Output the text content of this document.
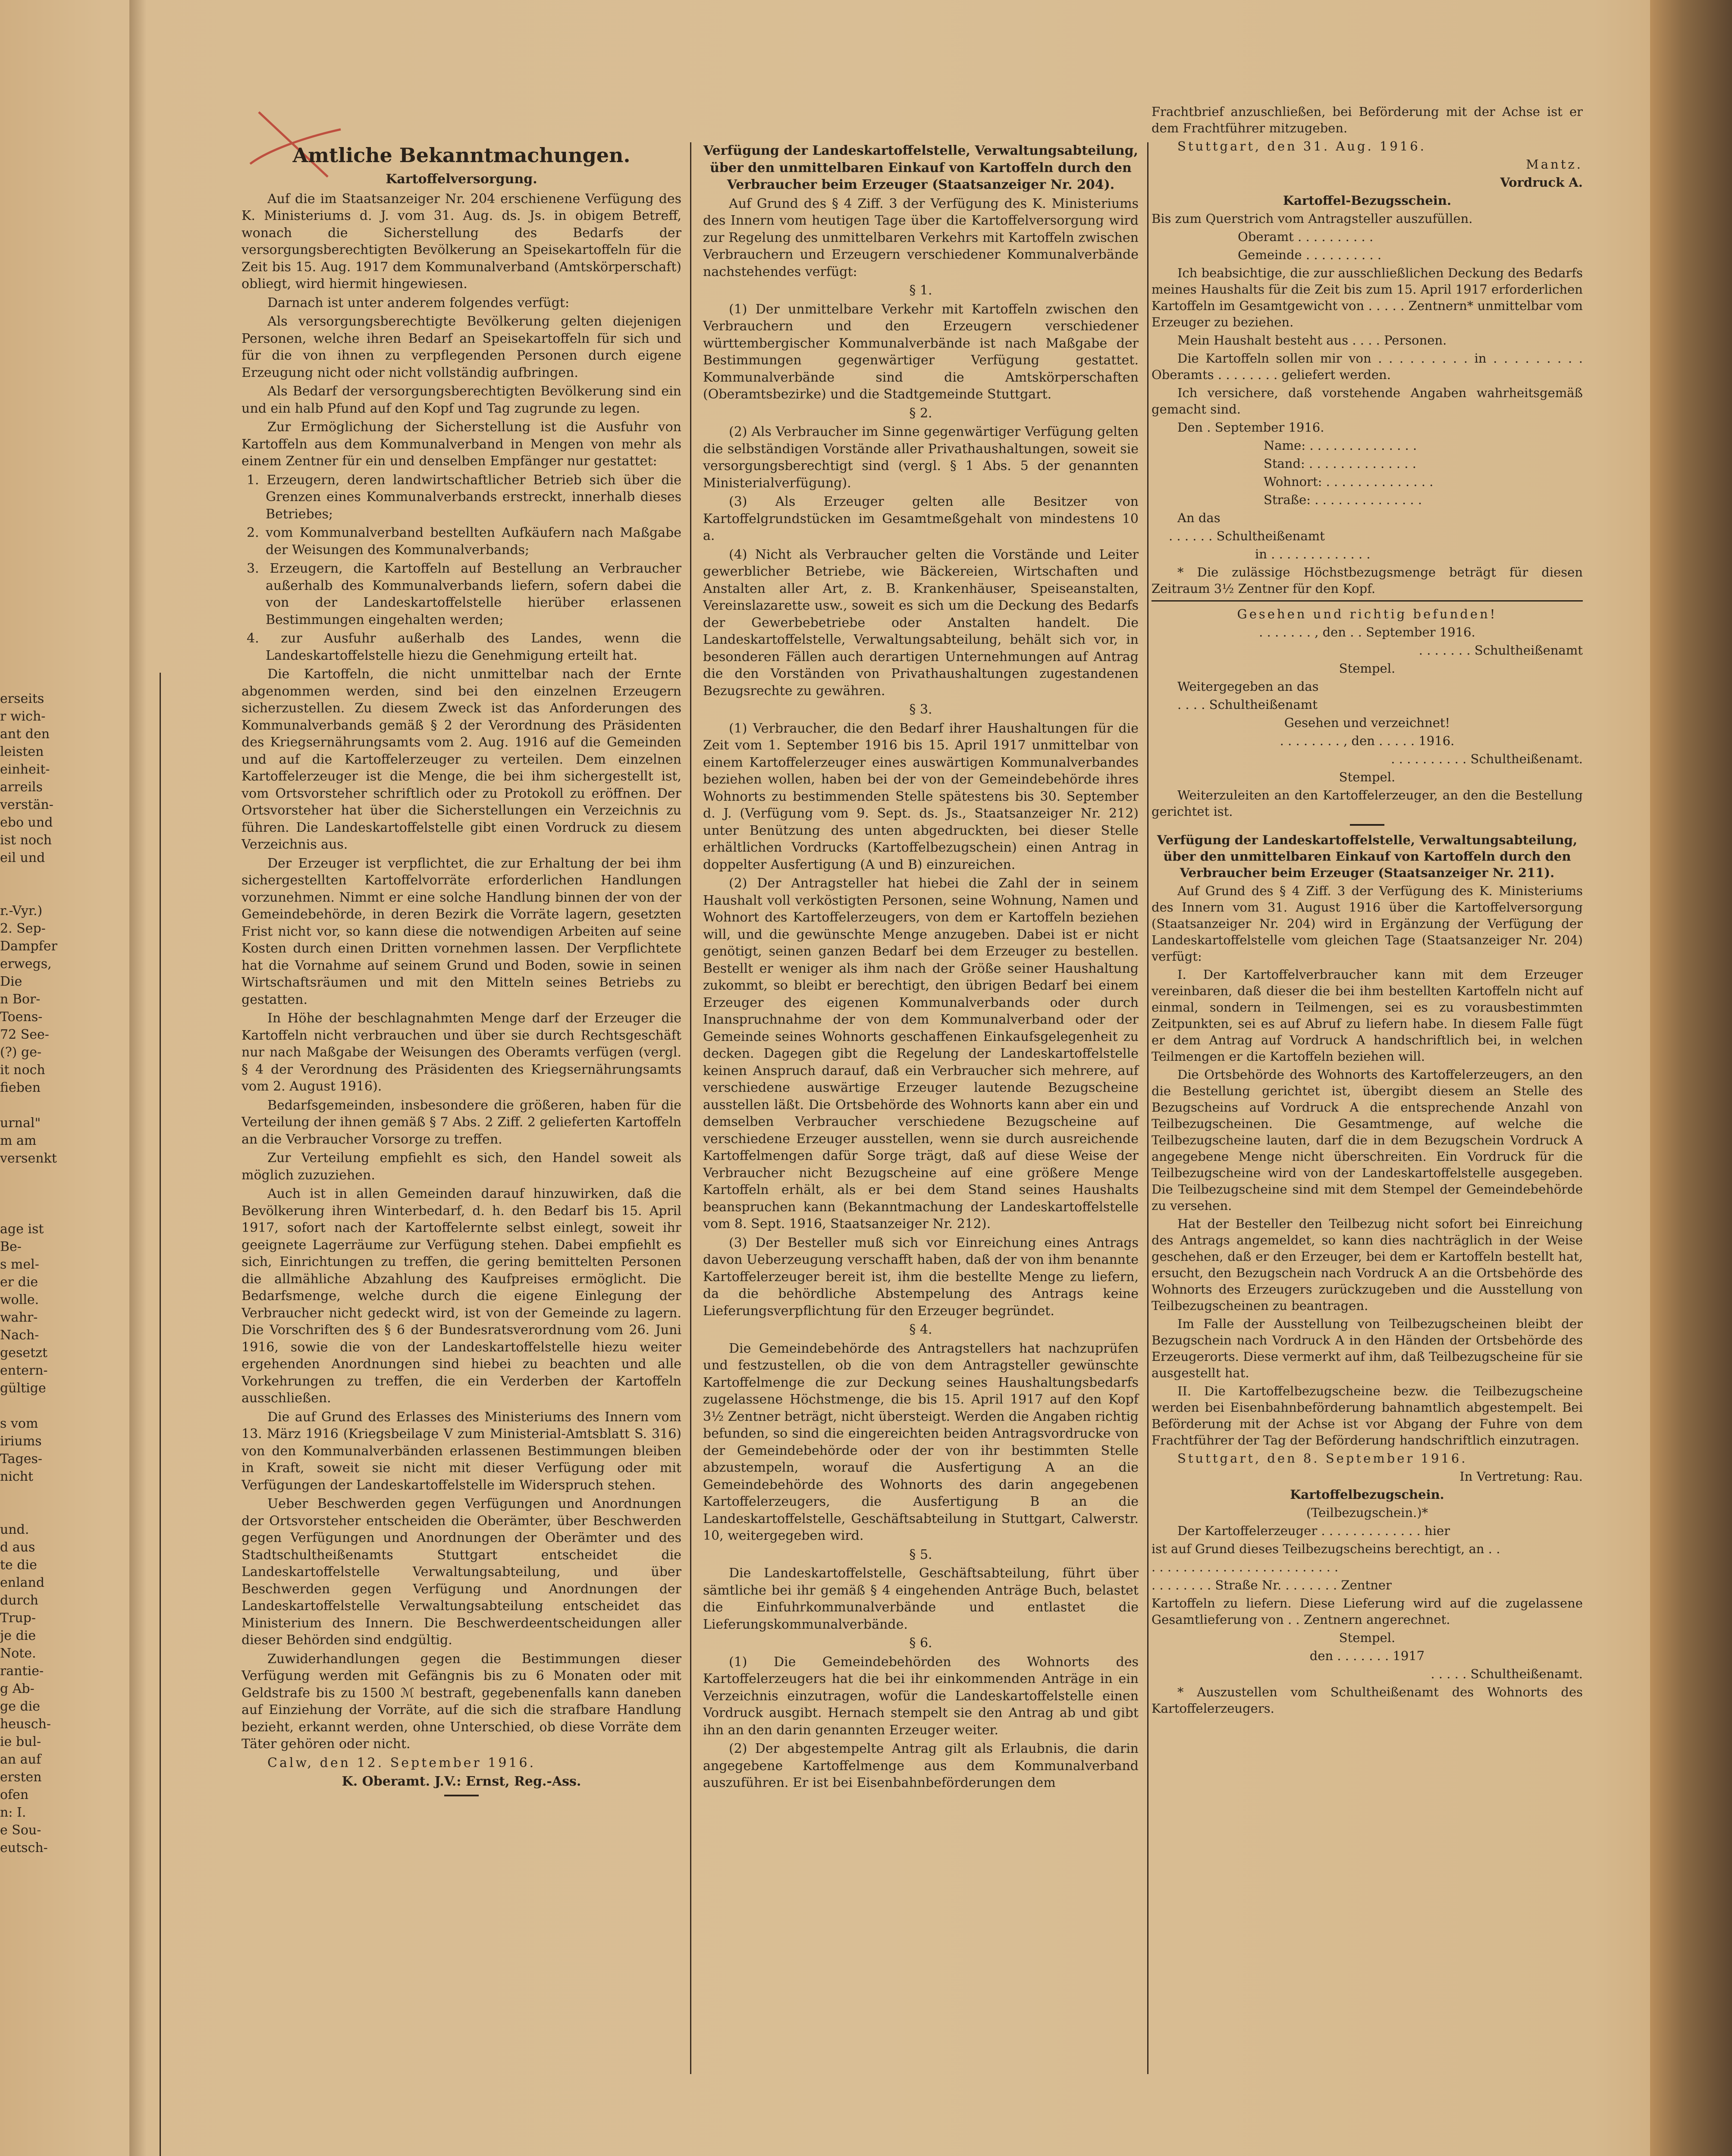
erseits
r wich-
ant den
leisten
einheit-
arreils
verstän-
ebo und
ist noch
eil und

r.-Vyr.)
2. Sep-
Dampfer
erwegs,
Die
n Bor-
Toens-
72 See-
(?) ge-
it noch
fieben

urnal"
m am
versenkt

age ist
Be-
s mel-
er die
wolle.
wahr-
Nach-
gesetzt
entern-
gültige

s vom
iriums
Tages-
nicht

und.
d aus
te die
enland
durch
Trup-
je die
Note.
rantie-
g Ab-
ge die
heusch-
ie bul-
an auf
ersten
ofen
n: I.
e Sou-
eutsch-
Amtliche Bekanntmachungen.
Kartoffelversorgung.

Auf die im Staatsanzeiger Nr. 204 erschienene Verfügung des K. Ministeriums d. J. vom 31. Aug. ds. Js. in obigem Betreff, wonach die Sicherstellung des Bedarfs der versorgungsberechtigten Bevölkerung an Speisekartoffeln für die Zeit bis 15. Aug. 1917 dem Kommunalverband (Amtskörperschaft) obliegt, wird hiermit hingewiesen.

Darnach ist unter anderem folgendes verfügt:

Als versorgungsberechtigte Bevölkerung gelten diejenigen Personen, welche ihren Bedarf an Speisekartoffeln für sich und für die von ihnen zu verpflegenden Personen durch eigene Erzeugung nicht oder nicht vollständig aufbringen.

Als Bedarf der versorgungsberechtigten Bevölkerung sind ein und ein halb Pfund auf den Kopf und Tag zugrunde zu legen.

Zur Ermöglichung der Sicherstellung ist die Ausfuhr von Kartoffeln aus dem Kommunalverband in Mengen von mehr als einem Zentner für ein und denselben Empfänger nur gestattet:

1. Erzeugern, deren landwirtschaftlicher Betrieb sich über die Grenzen eines Kommunalverbands erstreckt, innerhalb dieses Betriebes;

2. vom Kommunalverband bestellten Aufkäufern nach Maßgabe der Weisungen des Kommunalverbands;

3. Erzeugern, die Kartoffeln auf Bestellung an Verbraucher außerhalb des Kommunalverbands liefern, sofern dabei die von der Landeskartoffelstelle hierüber erlassenen Bestimmungen eingehalten werden;

4. zur Ausfuhr außerhalb des Landes, wenn die Landeskartoffelstelle hiezu die Genehmigung erteilt hat.

Die Kartoffeln, die nicht unmittelbar nach der Ernte abgenommen werden, sind bei den einzelnen Erzeugern sicherzustellen. Zu diesem Zweck ist das Anforderungen des Kommunalverbands gemäß § 2 der Verordnung des Präsidenten des Kriegsernährungsamts vom 2. Aug. 1916 auf die Gemeinden und auf die Kartoffelerzeuger zu verteilen. Dem einzelnen Kartoffelerzeuger ist die Menge, die bei ihm sichergestellt ist, vom Ortsvorsteher schriftlich oder zu Protokoll zu eröffnen. Der Ortsvorsteher hat über die Sicherstellungen ein Verzeichnis zu führen. Die Landeskartoffelstelle gibt einen Vordruck zu diesem Verzeichnis aus.

Der Erzeuger ist verpflichtet, die zur Erhaltung der bei ihm sichergestellten Kartoffelvorräte erforderlichen Handlungen vorzunehmen. Nimmt er eine solche Handlung binnen der von der Gemeindebehörde, in deren Bezirk die Vorräte lagern, gesetzten Frist nicht vor, so kann diese die notwendigen Arbeiten auf seine Kosten durch einen Dritten vornehmen lassen. Der Verpflichtete hat die Vornahme auf seinem Grund und Boden, sowie in seinen Wirtschaftsräumen und mit den Mitteln seines Betriebs zu gestatten.

In Höhe der beschlagnahmten Menge darf der Erzeuger die Kartoffeln nicht verbrauchen und über sie durch Rechtsgeschäft nur nach Maßgabe der Weisungen des Oberamts verfügen (vergl. § 4 der Verordnung des Präsidenten des Kriegsernährungsamts vom 2. August 1916).

Bedarfsgemeinden, insbesondere die größeren, haben für die Verteilung der ihnen gemäß § 7 Abs. 2 Ziff. 2 gelieferten Kartoffeln an die Verbraucher Vorsorge zu treffen.

Zur Verteilung empfiehlt es sich, den Handel soweit als möglich zuzuziehen.

Auch ist in allen Gemeinden darauf hinzuwirken, daß die Bevölkerung ihren Winterbedarf, d. h. den Bedarf bis 15. April 1917, sofort nach der Kartoffelernte selbst einlegt, soweit ihr geeignete Lagerräume zur Verfügung stehen. Dabei empfiehlt es sich, Einrichtungen zu treffen, die gering bemittelten Personen die allmähliche Abzahlung des Kaufpreises ermöglicht. Die Bedarfsmenge, welche durch die eigene Einlegung der Verbraucher nicht gedeckt wird, ist von der Gemeinde zu lagern. Die Vorschriften des § 6 der Bundesratsverordnung vom 26. Juni 1916, sowie die von der Landeskartoffelstelle hiezu weiter ergehenden Anordnungen sind hiebei zu beachten und alle Vorkehrungen zu treffen, die ein Verderben der Kartoffeln ausschließen.

Die auf Grund des Erlasses des Ministeriums des Innern vom 13. März 1916 (Kriegsbeilage V zum Ministerial-Amtsblatt S. 316) von den Kommunalverbänden erlassenen Bestimmungen bleiben in Kraft, soweit sie nicht mit dieser Verfügung oder mit Verfügungen der Landeskartoffelstelle im Widerspruch stehen.

Ueber Beschwerden gegen Verfügungen und Anordnungen der Ortsvorsteher entscheiden die Oberämter, über Beschwerden gegen Verfügungen und Anordnungen der Oberämter und des Stadtschultheißenamts Stuttgart entscheidet die Landeskartoffelstelle Verwaltungsabteilung, und über Beschwerden gegen Verfügung und Anordnungen der Landeskartoffelstelle Verwaltungsabteilung entscheidet das Ministerium des Innern. Die Beschwerdeentscheidungen aller dieser Behörden sind endgültig.

Zuwiderhandlungen gegen die Bestimmungen dieser Verfügung werden mit Gefängnis bis zu 6 Monaten oder mit Geldstrafe bis zu 1500 ℳ bestraft, gegebenenfalls kann daneben auf Einziehung der Vorräte, auf die sich die strafbare Handlung bezieht, erkannt werden, ohne Unterschied, ob diese Vorräte dem Täter gehören oder nicht.

Calw, den 12. September 1916.

K. Oberamt. J.V.: Ernst, Reg.-Ass.

Verfügung der Landeskartoffelstelle, Verwaltungsabteilung, über den unmittelbaren Einkauf von Kartoffeln durch den Verbraucher beim Erzeuger (Staatsanzeiger Nr. 204).

Auf Grund des § 4 Ziff. 3 der Verfügung des K. Ministeriums des Innern vom heutigen Tage über die Kartoffelversorgung wird zur Regelung des unmittelbaren Verkehrs mit Kartoffeln zwischen Verbrauchern und Erzeugern verschiedener Kommunalverbände nachstehendes verfügt:

§ 1.

(1) Der unmittelbare Verkehr mit Kartoffeln zwischen den Verbrauchern und den Erzeugern verschiedener württembergischer Kommunalverbände ist nach Maßgabe der Bestimmungen gegenwärtiger Verfügung gestattet. Kommunalverbände sind die Amtskörperschaften (Oberamtsbezirke) und die Stadtgemeinde Stuttgart.

§ 2.

(2) Als Verbraucher im Sinne gegenwärtiger Verfügung gelten die selbständigen Vorstände aller Privathaushaltungen, soweit sie versorgungsberechtigt sind (vergl. § 1 Abs. 5 der genannten Ministerialverfügung).

(3) Als Erzeuger gelten alle Besitzer von Kartoffelgrundstücken im Gesamtmeßgehalt von mindestens 10 a.

(4) Nicht als Verbraucher gelten die Vorstände und Leiter gewerblicher Betriebe, wie Bäckereien, Wirtschaften und Anstalten aller Art, z. B. Krankenhäuser, Speiseanstalten, Vereinslazarette usw., soweit es sich um die Deckung des Bedarfs der Gewerbebetriebe oder Anstalten handelt. Die Landeskartoffelstelle, Verwaltungsabteilung, behält sich vor, in besonderen Fällen auch derartigen Unternehmungen auf Antrag die den Vorständen von Privathaushaltungen zugestandenen Bezugsrechte zu gewähren.

§ 3.

(1) Verbraucher, die den Bedarf ihrer Haushaltungen für die Zeit vom 1. September 1916 bis 15. April 1917 unmittelbar von einem Kartoffelerzeuger eines auswärtigen Kommunalverbandes beziehen wollen, haben bei der von der Gemeindebehörde ihres Wohnorts zu bestimmenden Stelle spätestens bis 30. September d. J. (Verfügung vom 9. Sept. ds. Js., Staatsanzeiger Nr. 212) unter Benützung des unten abgedruckten, bei dieser Stelle erhältlichen Vordrucks (Kartoffelbezugschein) einen Antrag in doppelter Ausfertigung (A und B) einzureichen.

(2) Der Antragsteller hat hiebei die Zahl der in seinem Haushalt voll verköstigten Personen, seine Wohnung, Namen und Wohnort des Kartoffelerzeugers, von dem er Kartoffeln beziehen will, und die gewünschte Menge anzugeben. Dabei ist er nicht genötigt, seinen ganzen Bedarf bei dem Erzeuger zu bestellen. Bestellt er weniger als ihm nach der Größe seiner Haushaltung zukommt, so bleibt er berechtigt, den übrigen Bedarf bei einem Erzeuger des eigenen Kommunalverbands oder durch Inanspruchnahme der von dem Kommunalverband oder der Gemeinde seines Wohnorts geschaffenen Einkaufsgelegenheit zu decken. Dagegen gibt die Regelung der Landeskartoffelstelle keinen Anspruch darauf, daß ein Verbraucher sich mehrere, auf verschiedene auswärtige Erzeuger lautende Bezugscheine ausstellen läßt. Die Ortsbehörde des Wohnorts kann aber ein und demselben Verbraucher verschiedene Bezugscheine auf verschiedene Erzeuger ausstellen, wenn sie durch ausreichende Kartoffelmengen dafür Sorge trägt, daß auf diese Weise der Verbraucher nicht Bezugscheine auf eine größere Menge Kartoffeln erhält, als er bei dem Stand seines Haushalts beanspruchen kann (Bekanntmachung der Landeskartoffelstelle vom 8. Sept. 1916, Staatsanzeiger Nr. 212).

(3) Der Besteller muß sich vor Einreichung eines Antrags davon Ueberzeugung verschafft haben, daß der von ihm benannte Kartoffelerzeuger bereit ist, ihm die bestellte Menge zu liefern, da die behördliche Abstempelung des Antrags keine Lieferungsverpflichtung für den Erzeuger begründet.

§ 4.

Die Gemeindebehörde des Antragstellers hat nachzuprüfen und festzustellen, ob die von dem Antragsteller gewünschte Kartoffelmenge die zur Deckung seines Haushaltungsbedarfs zugelassene Höchstmenge, die bis 15. April 1917 auf den Kopf 3½ Zentner beträgt, nicht übersteigt. Werden die Angaben richtig befunden, so sind die eingereichten beiden Antragsvordrucke von der Gemeindebehörde oder der von ihr bestimmten Stelle abzustempeln, worauf die Ausfertigung A an die Gemeindebehörde des Wohnorts des darin angegebenen Kartoffelerzeugers, die Ausfertigung B an die Landeskartoffelstelle, Geschäftsabteilung in Stuttgart, Calwerstr. 10, weitergegeben wird.

§ 5.

Die Landeskartoffelstelle, Geschäftsabteilung, führt über sämtliche bei ihr gemäß § 4 eingehenden Anträge Buch, belastet die Einfuhrkommunalverbände und entlastet die Lieferungskommunalverbände.

§ 6.

(1) Die Gemeindebehörden des Wohnorts des Kartoffelerzeugers hat die bei ihr einkommenden Anträge in ein Verzeichnis einzutragen, wofür die Landeskartoffelstelle einen Vordruck ausgibt. Hernach stempelt sie den Antrag ab und gibt ihn an den darin genannten Erzeuger weiter.

(2) Der abgestempelte Antrag gilt als Erlaubnis, die darin angegebene Kartoffelmenge aus dem Kommunalverband auszuführen. Er ist bei Eisenbahnbeförderungen dem

Frachtbrief anzuschließen, bei Beförderung mit der Achse ist er dem Frachtführer mitzugeben.

Stuttgart, den 31. Aug. 1916.

Mantz.

Vordruck A.

Kartoffel-Bezugsschein.

Bis zum Querstrich vom Antragsteller auszufüllen.

Oberamt . . . . . . . . . .

Gemeinde . . . . . . . . . .

Ich beabsichtige, die zur ausschließlichen Deckung des Bedarfs meines Haushalts für die Zeit bis zum 15. April 1917 erforderlichen Kartoffeln im Gesamtgewicht von . . . . . Zentnern* unmittelbar vom Erzeuger zu beziehen.

Mein Haushalt besteht aus . . . . Personen.

Die Kartoffeln sollen mir von . . . . . . . . . in . . . . . . . . . Oberamts . . . . . . . . geliefert werden.

Ich versichere, daß vorstehende Angaben wahrheitsgemäß gemacht sind.

Den . September 1916.

Name: . . . . . . . . . . . . . .

Stand: . . . . . . . . . . . . . .

Wohnort: . . . . . . . . . . . . . .

Straße: . . . . . . . . . . . . . .

An das

. . . . . . Schultheißenamt

in . . . . . . . . . . . . .

* Die zulässige Höchstbezugsmenge beträgt für diesen Zeitraum 3½ Zentner für den Kopf.

Gesehen und richtig befunden!

. . . . . . . , den . . September 1916.

. . . . . . . Schultheißenamt

Stempel.

Weitergegeben an das

. . . . Schultheißenamt

Gesehen und verzeichnet!

. . . . . . . . , den . . . . . 1916.

. . . . . . . . . . Schultheißenamt.

Stempel.

Weiterzuleiten an den Kartoffelerzeuger, an den die Bestellung gerichtet ist.

Verfügung der Landeskartoffelstelle, Verwaltungsabteilung, über den unmittelbaren Einkauf von Kartoffeln durch den Verbraucher beim Erzeuger (Staatsanzeiger Nr. 211).

Auf Grund des § 4 Ziff. 3 der Verfügung des K. Ministeriums des Innern vom 31. August 1916 über die Kartoffelversorgung (Staatsanzeiger Nr. 204) wird in Ergänzung der Verfügung der Landeskartoffelstelle vom gleichen Tage (Staatsanzeiger Nr. 204) verfügt:

I. Der Kartoffelverbraucher kann mit dem Erzeuger vereinbaren, daß dieser die bei ihm bestellten Kartoffeln nicht auf einmal, sondern in Teilmengen, sei es zu vorausbestimmten Zeitpunkten, sei es auf Abruf zu liefern habe. In diesem Falle fügt er dem Antrag auf Vordruck A handschriftlich bei, in welchen Teilmengen er die Kartoffeln beziehen will.

Die Ortsbehörde des Wohnorts des Kartoffelerzeugers, an den die Bestellung gerichtet ist, übergibt diesem an Stelle des Bezugscheins auf Vordruck A die entsprechende Anzahl von Teilbezugscheinen. Die Gesamtmenge, auf welche die Teilbezugscheine lauten, darf die in dem Bezugschein Vordruck A angegebene Menge nicht überschreiten. Ein Vordruck für die Teilbezugscheine wird von der Landeskartoffelstelle ausgegeben. Die Teilbezugscheine sind mit dem Stempel der Gemeindebehörde zu versehen.

Hat der Besteller den Teilbezug nicht sofort bei Einreichung des Antrags angemeldet, so kann dies nachträglich in der Weise geschehen, daß er den Erzeuger, bei dem er Kartoffeln bestellt hat, ersucht, den Bezugschein nach Vordruck A an die Ortsbehörde des Wohnorts des Erzeugers zurückzugeben und die Ausstellung von Teilbezugscheinen zu beantragen.

Im Falle der Ausstellung von Teilbezugscheinen bleibt der Bezugschein nach Vordruck A in den Händen der Ortsbehörde des Erzeugerorts. Diese vermerkt auf ihm, daß Teilbezugscheine für sie ausgestellt hat.

II. Die Kartoffelbezugscheine bezw. die Teilbezugscheine werden bei Eisenbahnbeförderung bahnamtlich abgestempelt. Bei Beförderung mit der Achse ist vor Abgang der Fuhre von dem Frachtführer der Tag der Beförderung handschriftlich einzutragen.

Stuttgart, den 8. September 1916.

In Vertretung: Rau.

Kartoffelbezugschein.

(Teilbezugschein.)*

Der Kartoffelerzeuger . . . . . . . . . . . . . hier

ist auf Grund dieses Teilbezugscheins berechtigt, an . .

. . . . . . . . . . . . . . . . . . . . . . . .

. . . . . . . . Straße Nr. . . . . . . . Zentner

Kartoffeln zu liefern. Diese Lieferung wird auf die zugelassene Gesamtlieferung von . . Zentnern angerechnet.

Stempel.

den . . . . . . . 1917

. . . . . Schultheißenamt.

* Auszustellen vom Schultheißenamt des Wohnorts des Kartoffelerzeugers.
